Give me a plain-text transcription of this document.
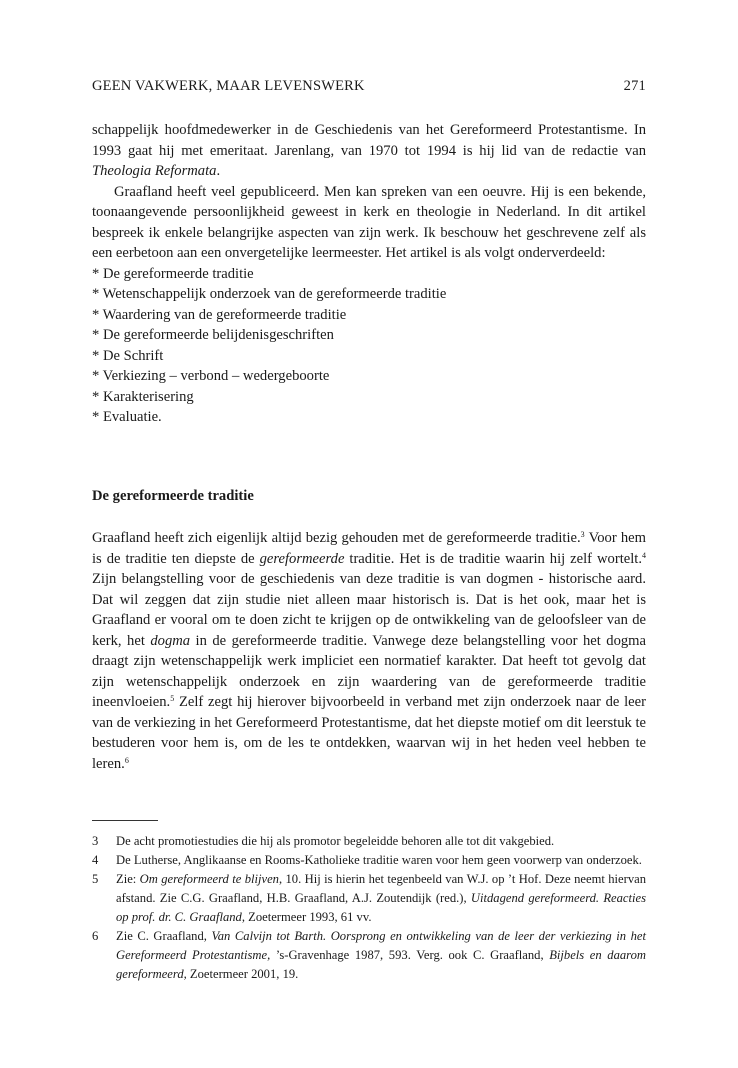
GEEN VAKWERK, MAAR LEVENSWERK	271

schappelijk hoofdmedewerker in de Geschiedenis van het Gereformeerd Protestantisme. In 1993 gaat hij met emeritaat. Jarenlang, van 1970 tot 1994 is hij lid van de redactie van Theologia Reformata.

Graafland heeft veel gepubliceerd. Men kan spreken van een oeuvre. Hij is een bekende, toonaangevende persoonlijkheid geweest in kerk en theologie in Nederland. In dit artikel bespreek ik enkele belangrijke aspecten van zijn werk. Ik beschouw het geschrevene zelf als een eerbetoon aan een onvergetelijke leermeester. Het artikel is als volgt onderverdeeld:

* De gereformeerde traditie
* Wetenschappelijk onderzoek van de gereformeerde traditie
* Waardering van de gereformeerde traditie
* De gereformeerde belijdenisgeschriften
* De Schrift
* Verkiezing – verbond – wedergeboorte
* Karakterisering
* Evaluatie.
De gereformeerde traditie

Graafland heeft zich eigenlijk altijd bezig gehouden met de gereformeerde traditie.$^3$ Voor hem is de traditie ten diepste de gereformeerde traditie. Het is de traditie waarin hij zelf wortelt.$^4$ Zijn belangstelling voor de geschiedenis van deze traditie is van dogmen - historische aard. Dat wil zeggen dat zijn studie niet alleen maar historisch is. Dat is het ook, maar het is Graafland er vooral om te doen zicht te krijgen op de ontwikkeling van de geloofsleer van de kerk, het dogma in de gereformeerde traditie. Vanwege deze belangstelling voor het dogma draagt zijn wetenschappelijk werk impliciet een normatief karakter. Dat heeft tot gevolg dat zijn wetenschappelijk onderzoek en zijn waardering van de gereformeerde traditie ineenvloeien.$^5$ Zelf zegt hij hierover bijvoorbeeld in verband met zijn onderzoek naar de leer van de verkiezing in het Gereformeerd Protestantisme, dat het diepste motief om dit leerstuk te bestuderen voor hem is, om de les te ontdekken, waarvan wij in het heden veel hebben te leren.$^6$

3	De acht promotiestudies die hij als promotor begeleidde behoren alle tot dit vakgebied.
4	De Lutherse, Anglikaanse en Rooms-Katholieke traditie waren voor hem geen voorwerp van onderzoek.
5	Zie: Om gereformeerd te blijven, 10. Hij is hierin het tegenbeeld van W.J. op ’t Hof. Deze neemt hiervan afstand. Zie C.G. Graafland, H.B. Graafland, A.J. Zoutendijk (red.), Uitdagend gereformeerd. Reacties op prof. dr. C. Graafland, Zoetermeer 1993, 61 vv.
6	Zie C. Graafland, Van Calvijn tot Barth. Oorsprong en ontwikkeling van de leer der verkiezing in het Gereformeerd Protestantisme, ’s-Gravenhage 1987, 593. Verg. ook C. Graafland, Bijbels en daarom gereformeerd, Zoetermeer 2001, 19.
